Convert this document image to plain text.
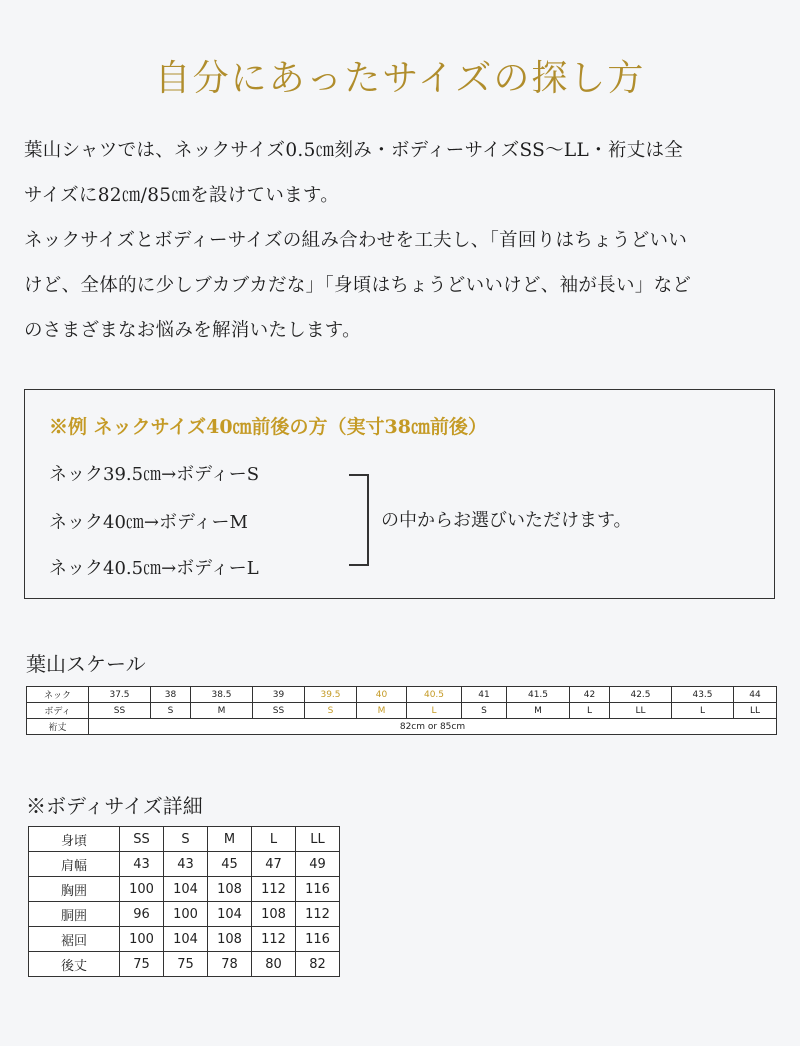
自分にあったサイズの探し方

葉山シャツでは、ネックサイズ0.5㎝刻み・ボディーサイズSS～LL・裄丈は全

サイズに82㎝/85㎝を設けています。

ネックサイズとボディーサイズの組み合わせを工夫し、「首回りはちょうどいい

けど、全体的に少しブカブカだな」「身頃はちょうどいいけど、袖が長い」など

のさまざまなお悩みを解消いたします。

※例 ネックサイズ40㎝前後の方（実寸38㎝前後）
ネック39.5㎝→ボディーS
ネック40㎝→ボディーM
ネック40.5㎝→ボディーL
の中からお選びいただけます。
葉山スケール
ネック	37.5	38	38.5	39	39.5	40	40.5	41	41.5	42	42.5	43.5	44
ボディ	SS	S	M	SS	S	M	L	S	M	L	LL	L	LL
裄丈	82cm or 85cm												
※ボディサイズ詳細
身頃	SS	S	M	L	LL
肩幅	43	43	45	47	49
胸囲	100	104	108	112	116
胴囲	96	100	104	108	112
裾回	100	104	108	112	116
後丈	75	75	78	80	82
